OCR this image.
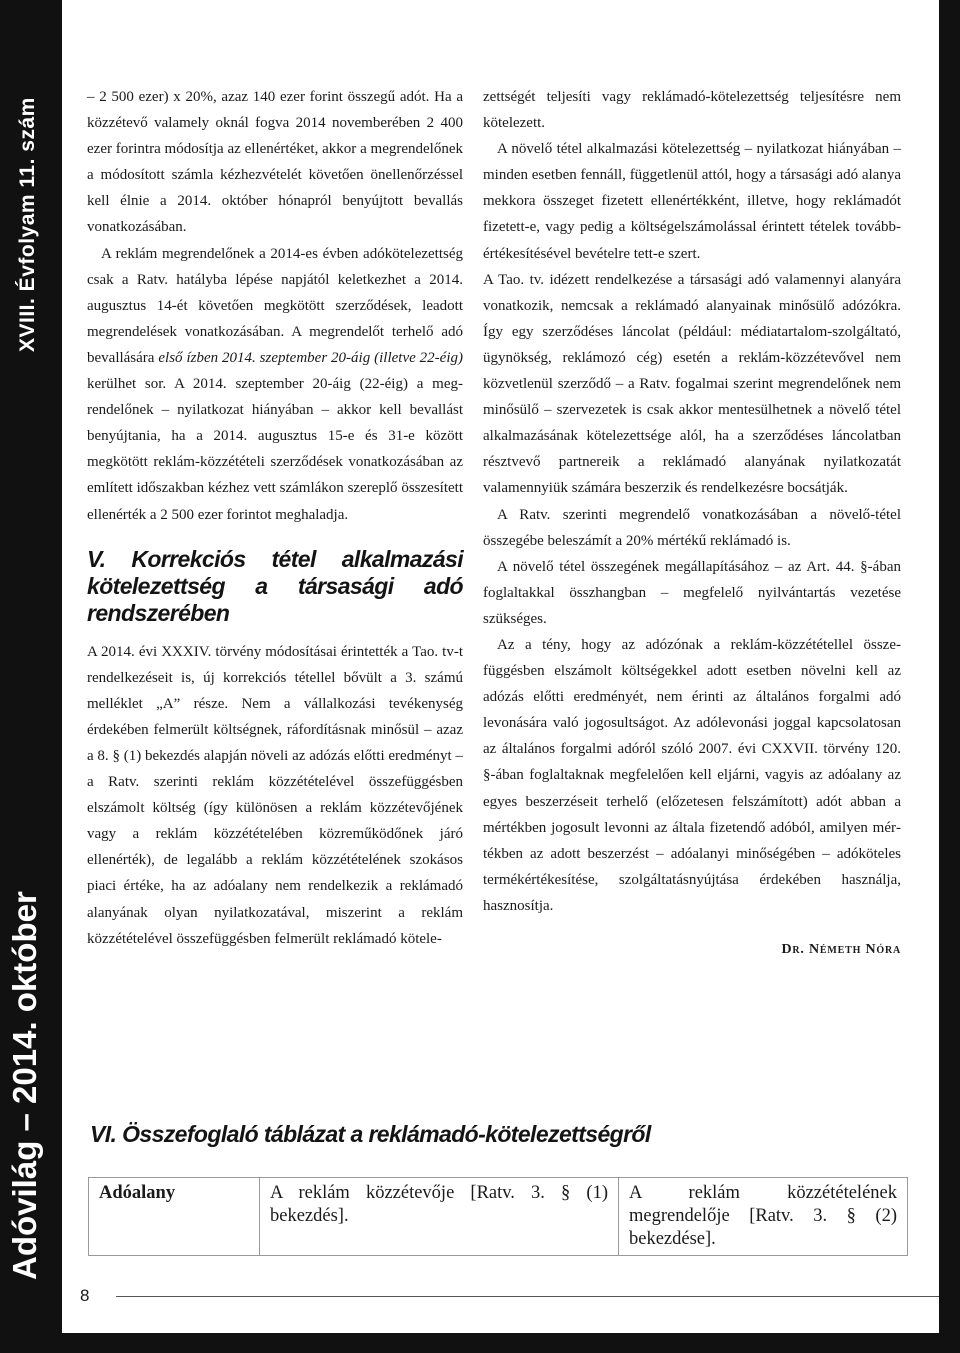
XVIII. Évfolyam 11. szám
Adóvilág – 2014. október
8

– 2 500 ezer) x 20%, azaz 140 ezer forint összegű adót. Ha a közzétevő valamely oknál fogva 2014 novemberében 2 400 ezer forintra módosítja az ellenértéket, akkor a megrendelőnek a módosított számla kézhezvételét követően önellenőrzéssel kell élnie a 2014. október hónapról benyújtott bevallás vonatkozásában.

A reklám megrendelőnek a 2014-es évben adókötelezettség csak a Ratv. hatályba lépése napjától keletkezhet a 2014. augusztus 14-ét követően megkötött szerződések, leadott megrendelések vonatkozásában. A megrendelőt terhelő adó bevallására első ízben 2014. szeptember 20-áig (illetve 22-éig) kerülhet sor. A 2014. szeptember 20-áig (22-éig) a megrendelőnek – nyilatkozat hiányában – akkor kell bevallást benyújtania, ha a 2014. augusztus 15-e és 31-e között megkötött reklám-közzétételi szerződések vonatkozásában az említett időszakban kézhez vett számlákon szereplő összesített ellenérték a 2 500 ezer forintot meghaladja.

V. Korrekciós tétel alkalmazási kötelezettség a társasági adó rendszerében

A 2014. évi XXXIV. törvény módosításai érintették a Tao. tv-t rendelkezéseit is, új korrekciós tétellel bővült a 3. számú melléklet „A” része. Nem a vállalkozási tevékenység érdekében felmerült költségnek, ráfordításnak minősül – azaz a 8. § (1) bekezdés alapján növeli az adózás előtti eredményt – a Ratv. szerinti reklám közzétételével összefüggésben elszámolt költség (így különösen a reklám közzétevőjének vagy a reklám közzétételében közreműködőnek járó ellenérték), de legalább a reklám közzétételének szokásos piaci értéke, ha az adóalany nem rendelkezik a reklámadó alanyának olyan nyilatkozatával, miszerint a reklám közzétételével összefüggésben felmerült reklámadó kötele-

zettségét teljesíti vagy reklámadó-kötelezettség teljesítésre nem kötelezett.

A növelő tétel alkalmazási kötelezettség – nyilatkozat hiányában – minden esetben fennáll, függetlenül attól, hogy a társasági adó alanya mekkora összeget fizetett ellenértékként, illetve, hogy reklámadót fizetett-e, vagy pedig a költségelszámolással érintett tételek továbbértékesítésével bevételre tett-e szert.

A Tao. tv. idézett rendelkezése a társasági adó valamennyi alanyára vonatkozik, nemcsak a reklámadó alanyainak minősülő adózókra. Így egy szerződéses láncolat (például: médiatartalom-szolgáltató, ügynökség, reklámozó cég) esetén a reklám-közzétevővel nem közvetlenül szerződő – a Ratv. fogalmai szerint megrendelőnek nem minősülő – szervezetek is csak akkor mentesülhetnek a növelő tétel alkalmazásának kötelezettsége alól, ha a szerződéses láncolatban résztvevő partnereik a reklámadó alanyának nyilatkozatát valamennyiük számára beszerzik és rendelkezésre bocsátják.

A Ratv. szerinti megrendelő vonatkozásában a növelő-tétel összegébe beleszámít a 20% mértékű reklámadó is.

A növelő tétel összegének megállapításához – az Art. 44. §-ában foglaltakkal összhangban – megfelelő nyilvántartás vezetése szükséges.

Az a tény, hogy az adózónak a reklám-közzététellel összefüggésben elszámolt költségekkel adott esetben növelni kell az adózás előtti eredményét, nem érinti az általános forgalmi adó levonására való jogosultságot. Az adólevonási joggal kapcsolatosan az általános forgalmi adóról szóló 2007. évi CXXVII. törvény 120. §-ában foglaltaknak megfelelően kell eljárni, vagyis az adóalany az egyes beszerzéseit terhelő (előzetesen felszámított) adót abban a mértékben jogosult levonni az általa fizetendő adóból, amilyen mértékben az adott beszerzést – adóalanyi minőségében – adóköteles termékértékesítése, szolgáltatásnyújtása érdekében használja, hasznosítja.

Dr. Németh Nóra
VI. Összefoglaló táblázat a reklámadó-kötelezettségről
Adóalany	A reklám közzétevője [Ratv. 3. § (1) bekezdés].	A reklám közzétételének megrendelője [Ratv. 3. § (2) bekezdése].
